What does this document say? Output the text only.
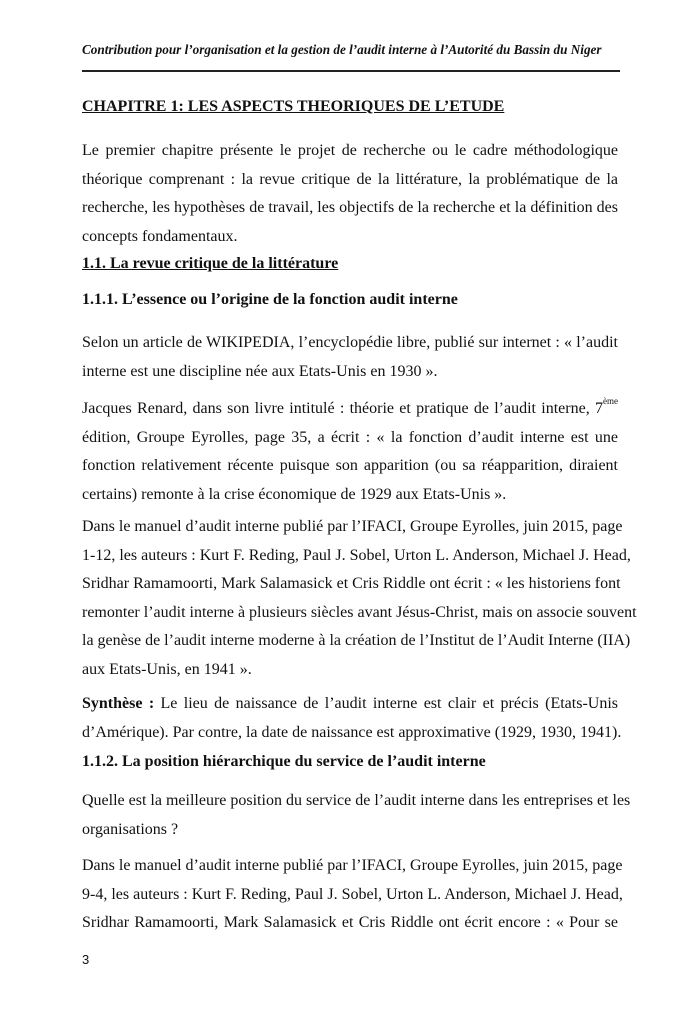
Contribution pour l’organisation et la gestion de l’audit interne à l’Autorité du Bassin du Niger
CHAPITRE 1: LES ASPECTS THEORIQUES DE L’ETUDE
Le premier chapitre présente le projet de recherche ou le cadre méthodologique
théorique comprenant : la revue critique de la littérature, la problématique de la
recherche, les hypothèses de travail, les objectifs de la recherche et la définition des
concepts fondamentaux.
1.1. La revue critique de la littérature
1.1.1. L’essence ou l’origine de la fonction audit interne
Selon un article de WIKIPEDIA, l’encyclopédie libre, publié sur internet : « l’audit
interne est une discipline née aux Etats-Unis en 1930 ».
Jacques Renard, dans son livre intitulé : théorie et pratique de l’audit interne, 7ème
édition, Groupe Eyrolles, page 35, a écrit : « la fonction d’audit interne est une
fonction relativement récente puisque son apparition (ou sa réapparition, diraient
certains) remonte à la crise économique de 1929 aux Etats-Unis ».
Dans le manuel d’audit interne publié par l’IFACI, Groupe Eyrolles, juin 2015, page
1-12, les auteurs : Kurt F. Reding, Paul J. Sobel, Urton L. Anderson, Michael J. Head,
Sridhar Ramamoorti, Mark Salamasick et Cris Riddle ont écrit : « les historiens font
remonter l’audit interne à plusieurs siècles avant Jésus-Christ, mais on associe souvent
la genèse de l’audit interne moderne à la création de l’Institut de l’Audit Interne (IIA)
aux Etats-Unis, en 1941 ».
Synthèse : Le lieu de naissance de l’audit interne est clair et précis (Etats-Unis
d’Amérique). Par contre, la date de naissance est approximative (1929, 1930, 1941).
1.1.2. La position hiérarchique du service de l’audit interne
Quelle est la meilleure position du service de l’audit interne dans les entreprises et les
organisations ?
Dans le manuel d’audit interne publié par l’IFACI, Groupe Eyrolles, juin 2015, page
9-4, les auteurs : Kurt F. Reding, Paul J. Sobel, Urton L. Anderson, Michael J. Head,
Sridhar Ramamoorti, Mark Salamasick et Cris Riddle ont écrit encore : « Pour se
3
